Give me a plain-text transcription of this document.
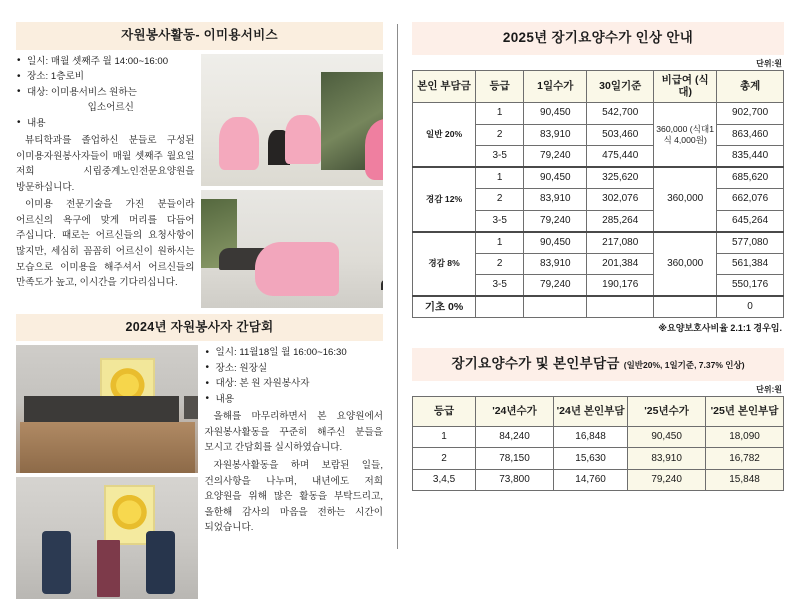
자원봉사활동- 이미용서비스
• 일시: 매월 셋째주 월 14:00~16:00
• 장소: 1층로비
• 대상: 이미용서비스 원하는
입소어르신
• 내용

뷰티학과를 졸업하신 분들로 구성된 이미용자원봉사자들이 매월 셋째주 월요일 저희 시립중계노인전문요양원을 방문하십니다.

이미용 전문기술을 가진 분들이라 어르신의 욕구에 맞게 머리를 다듬어 주십니다. 때로는 어르신들의 요청사항이 많지만, 세심히 꼼꼼히 어르신이 원하시는 모습으로 이미용을 해주셔서 어르신들의 만족도가 높고, 이시간을 기다리십니다.

2024년 자원봉사자 간담회
• 일시: 11월18일 월 16:00~16:30
• 장소: 원장실
• 대상: 본 원 자원봉사자
• 내용

올해를 마무리하면서 본 요양원에서 자원봉사활동을 꾸준히 해주신 분들을 모시고 간담회를 실시하였습니다.

자원봉사활동을 하며 보람된 일들, 건의사항을 나누며, 내년에도 저희 요양원을 위해 많은 활동을 부탁드리고, 올한해 감사의 마음을 전하는 시간이 되었습니다.

2025년 장기요양수가 인상 안내
단위:원
본인 부담금	등급	1일수가	30일기준	비급여 (식대)	총계
일반 20%	1	90,450	542,700	360,000 (식대1식 4,000원)	902,700
	2	83,910	503,460		863,460
	3-5	79,240	475,440		835,440
경감 12%	1	90,450	325,620	360,000	685,620
	2	83,910	302,076		662,076
	3-5	79,240	285,264		645,264
경감 8%	1	90,450	217,080	360,000	577,080
	2	83,910	201,384		561,384
	3-5	79,240	190,176		550,176
기초 0%					0
※요양보호사비율 2.1:1 경우임.
장기요양수가 및 본인부담금 (일반20%, 1일기준, 7.37% 인상)
단위:원
등급	'24년수가	'24년 본인부담	'25년수가	'25년 본인부담
1	84,240	16,848	90,450	18,090
2	78,150	15,630	83,910	16,782
3,4,5	73,800	14,760	79,240	15,848
